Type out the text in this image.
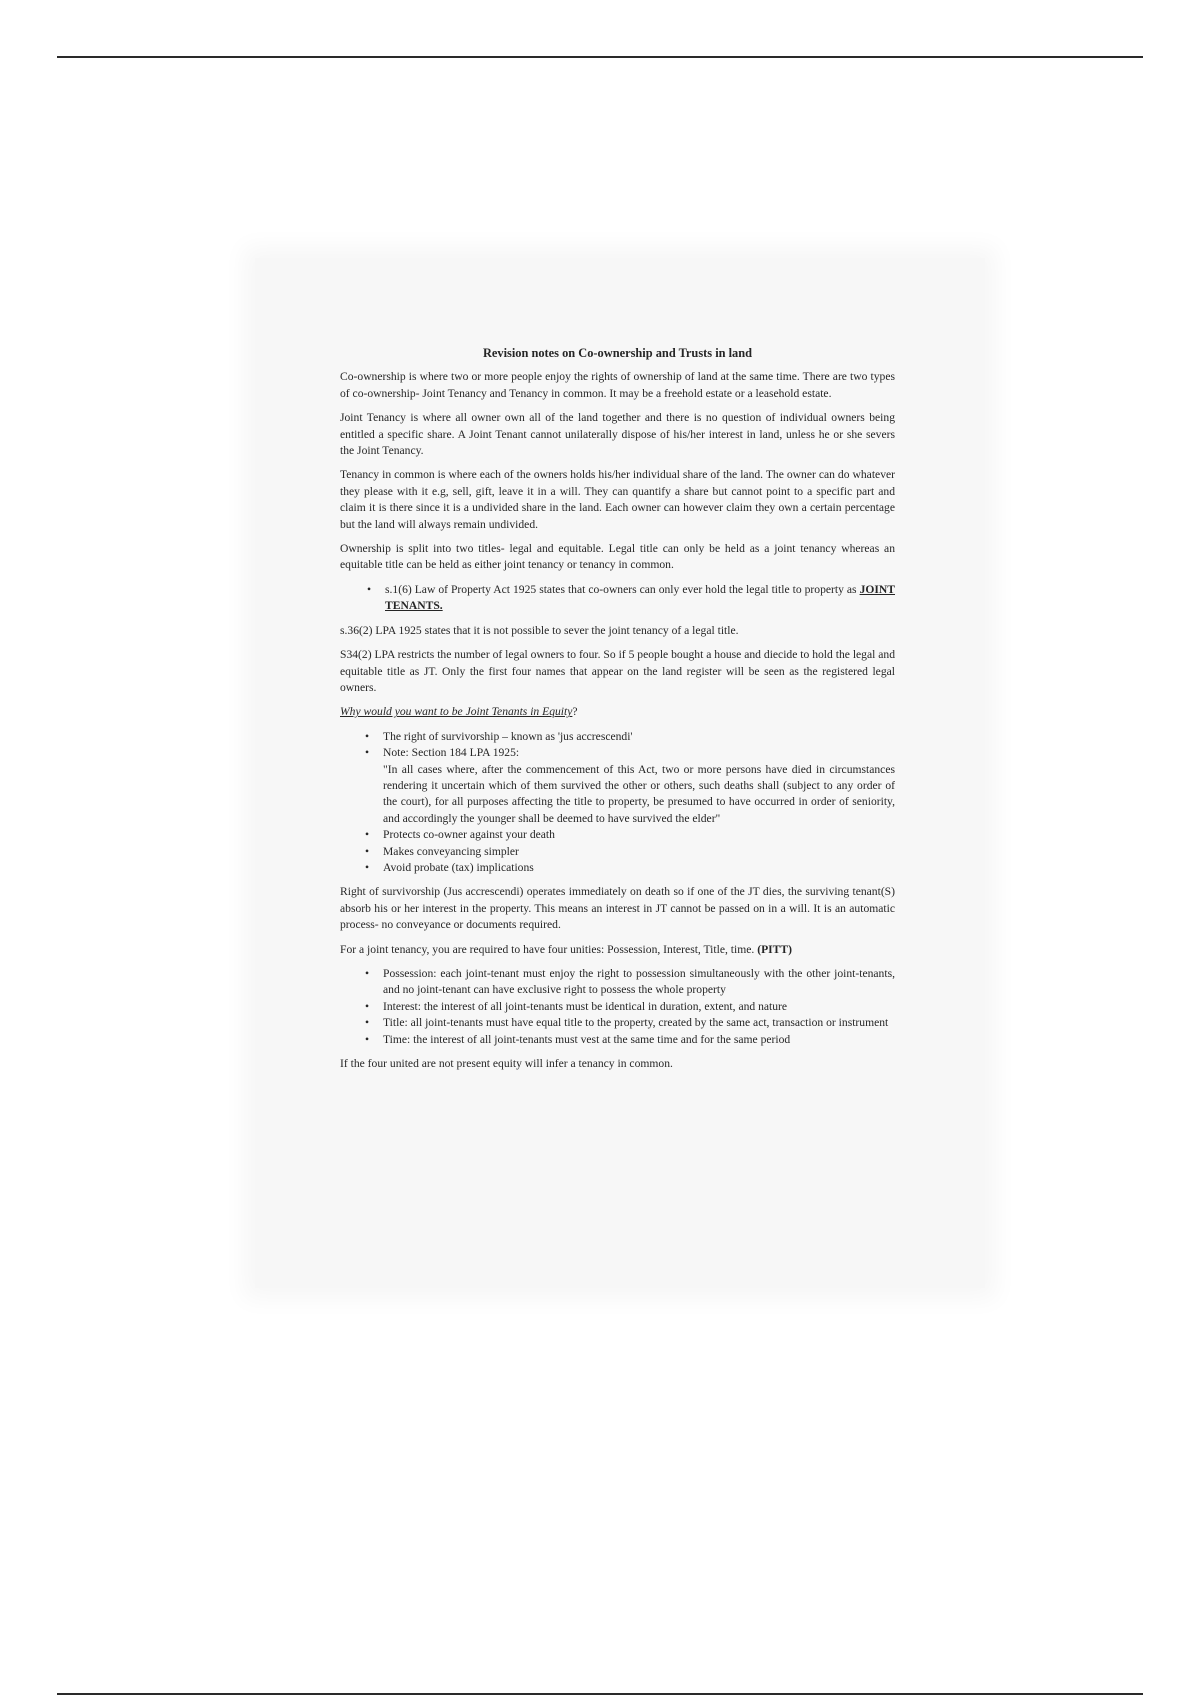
Revision notes on Co-ownership and Trusts in land

Co-ownership is where two or more people enjoy the rights of ownership of land at the same time. There are two types of co-ownership- Joint Tenancy and Tenancy in common. It may be a freehold estate or a leasehold estate.

Joint Tenancy is where all owner own all of the land together and there is no question of individual owners being entitled a specific share. A Joint Tenant cannot unilaterally dispose of his/her interest in land, unless he or she severs the Joint Tenancy.

Tenancy in common is where each of the owners holds his/her individual share of the land. The owner can do whatever they please with it e.g, sell, gift, leave it in a will. They can quantify a share but cannot point to a specific part and claim it is there since it is a undivided share in the land. Each owner can however claim they own a certain percentage but the land will always remain undivided.

Ownership is split into two titles- legal and equitable. Legal title can only be held as a joint tenancy whereas an equitable title can be held as either joint tenancy or tenancy in common.

• s.1(6) Law of Property Act 1925 states that co-owners can only ever hold the legal title to property as JOINT TENANTS.

s.36(2) LPA 1925 states that it is not possible to sever the joint tenancy of a legal title.

S34(2) LPA restricts the number of legal owners to four. So if 5 people bought a house and diecide to hold the legal and equitable title as JT. Only the first four names that appear on the land register will be seen as the registered legal owners.

Why would you want to be Joint Tenants in Equity?

• The right of survivorship – known as 'jus accrescendi'
• Note: Section 184 LPA 1925:
"In all cases where, after the commencement of this Act, two or more persons have died in circumstances rendering it uncertain which of them survived the other or others, such deaths shall (subject to any order of the court), for all purposes affecting the title to property, be presumed to have occurred in order of seniority, and accordingly the younger shall be deemed to have survived the elder"
• Protects co-owner against your death
• Makes conveyancing simpler
• Avoid probate (tax) implications

Right of survivorship (Jus accrescendi) operates immediately on death so if one of the JT dies, the surviving tenant(S) absorb his or her interest in the property. This means an interest in JT cannot be passed on in a will. It is an automatic process- no conveyance or documents required.

For a joint tenancy, you are required to have four unities: Possession, Interest, Title, time. (PITT)

• Possession: each joint-tenant must enjoy the right to possession simultaneously with the other joint-tenants, and no joint-tenant can have exclusive right to possess the whole property
• Interest: the interest of all joint-tenants must be identical in duration, extent, and nature
• Title: all joint-tenants must have equal title to the property, created by the same act, transaction or instrument
• Time: the interest of all joint-tenants must vest at the same time and for the same period

If the four united are not present equity will infer a tenancy in common.
